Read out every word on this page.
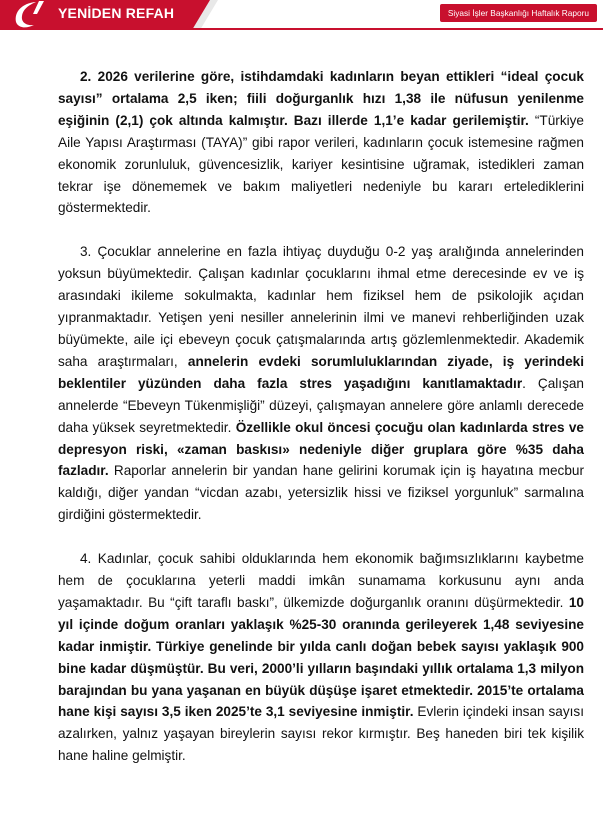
YENİDEN REFAH	Siyasi İşler Başkanlığı Haftalık Raporu

2. 2026 verilerine göre, istihdamdaki kadınların beyan ettikleri “ideal çocuk sayısı” ortalama 2,5 iken; fiili doğurganlık hızı 1,38 ile nüfusun yenilenme eşiğinin (2,1) çok altında kalmıştır. Bazı illerde 1,1’e kadar gerilemiştir. “Türkiye Aile Yapısı Araştırması (TAYA)” gibi rapor verileri, kadınların çocuk istemesine rağmen ekonomik zorunluluk, güvencesizlik, kariyer kesintisine uğramak, istedikleri zaman tekrar işe dönememek ve bakım maliyetleri nedeniyle bu kararı ertelediklerini göstermektedir.

3. Çocuklar annelerine en fazla ihtiyaç duyduğu 0-2 yaş aralığında annelerinden yoksun büyümektedir. Çalışan kadınlar çocuklarını ihmal etme derecesinde ev ve iş arasındaki ikileme sokulmakta, kadınlar hem fiziksel hem de psikolojik açıdan yıpranmaktadır. Yetişen yeni nesiller annelerinin ilmi ve manevi rehberliğinden uzak büyümekte, aile içi ebeveyn çocuk çatışmalarında artış gözlemlenmektedir. Akademik saha araştırmaları, annelerin evdeki sorumluluklarından ziyade, iş yerindeki beklentiler yüzünden daha fazla stres yaşadığını kanıtlamaktadır. Çalışan annelerde “Ebeveyn Tükenmişliği” düzeyi, çalışmayan annelere göre anlamlı derecede daha yüksek seyretmektedir. Özellikle okul öncesi çocuğu olan kadınlarda stres ve depresyon riski, «zaman baskısı» nedeniyle diğer gruplara göre %35 daha fazladır. Raporlar annelerin bir yandan hane gelirini korumak için iş hayatına mecbur kaldığı, diğer yandan “vicdan azabı, yetersizlik hissi ve fiziksel yorgunluk” sarmalına girdiğini göstermektedir.

4. Kadınlar, çocuk sahibi olduklarında hem ekonomik bağımsızlıklarını kaybetme hem de çocuklarına yeterli maddi imkân sunamama korkusunu aynı anda yaşamaktadır. Bu “çift taraflı baskı”, ülkemizde doğurganlık oranını düşürmektedir. 10 yıl içinde doğum oranları yaklaşık %25-30 oranında gerileyerek 1,48 seviyesine kadar inmiştir. Türkiye genelinde bir yılda canlı doğan bebek sayısı yaklaşık 900 bine kadar düşmüştür. Bu veri, 2000’li yılların başındaki yıllık ortalama 1,3 milyon barajından bu yana yaşanan en büyük düşüşe işaret etmektedir. 2015’te ortalama hane kişi sayısı 3,5 iken 2025’te 3,1 seviyesine inmiştir. Evlerin içindeki insan sayısı azalırken, yalnız yaşayan bireylerin sayısı rekor kırmıştır. Beş haneden biri tek kişilik hane haline gelmiştir.
